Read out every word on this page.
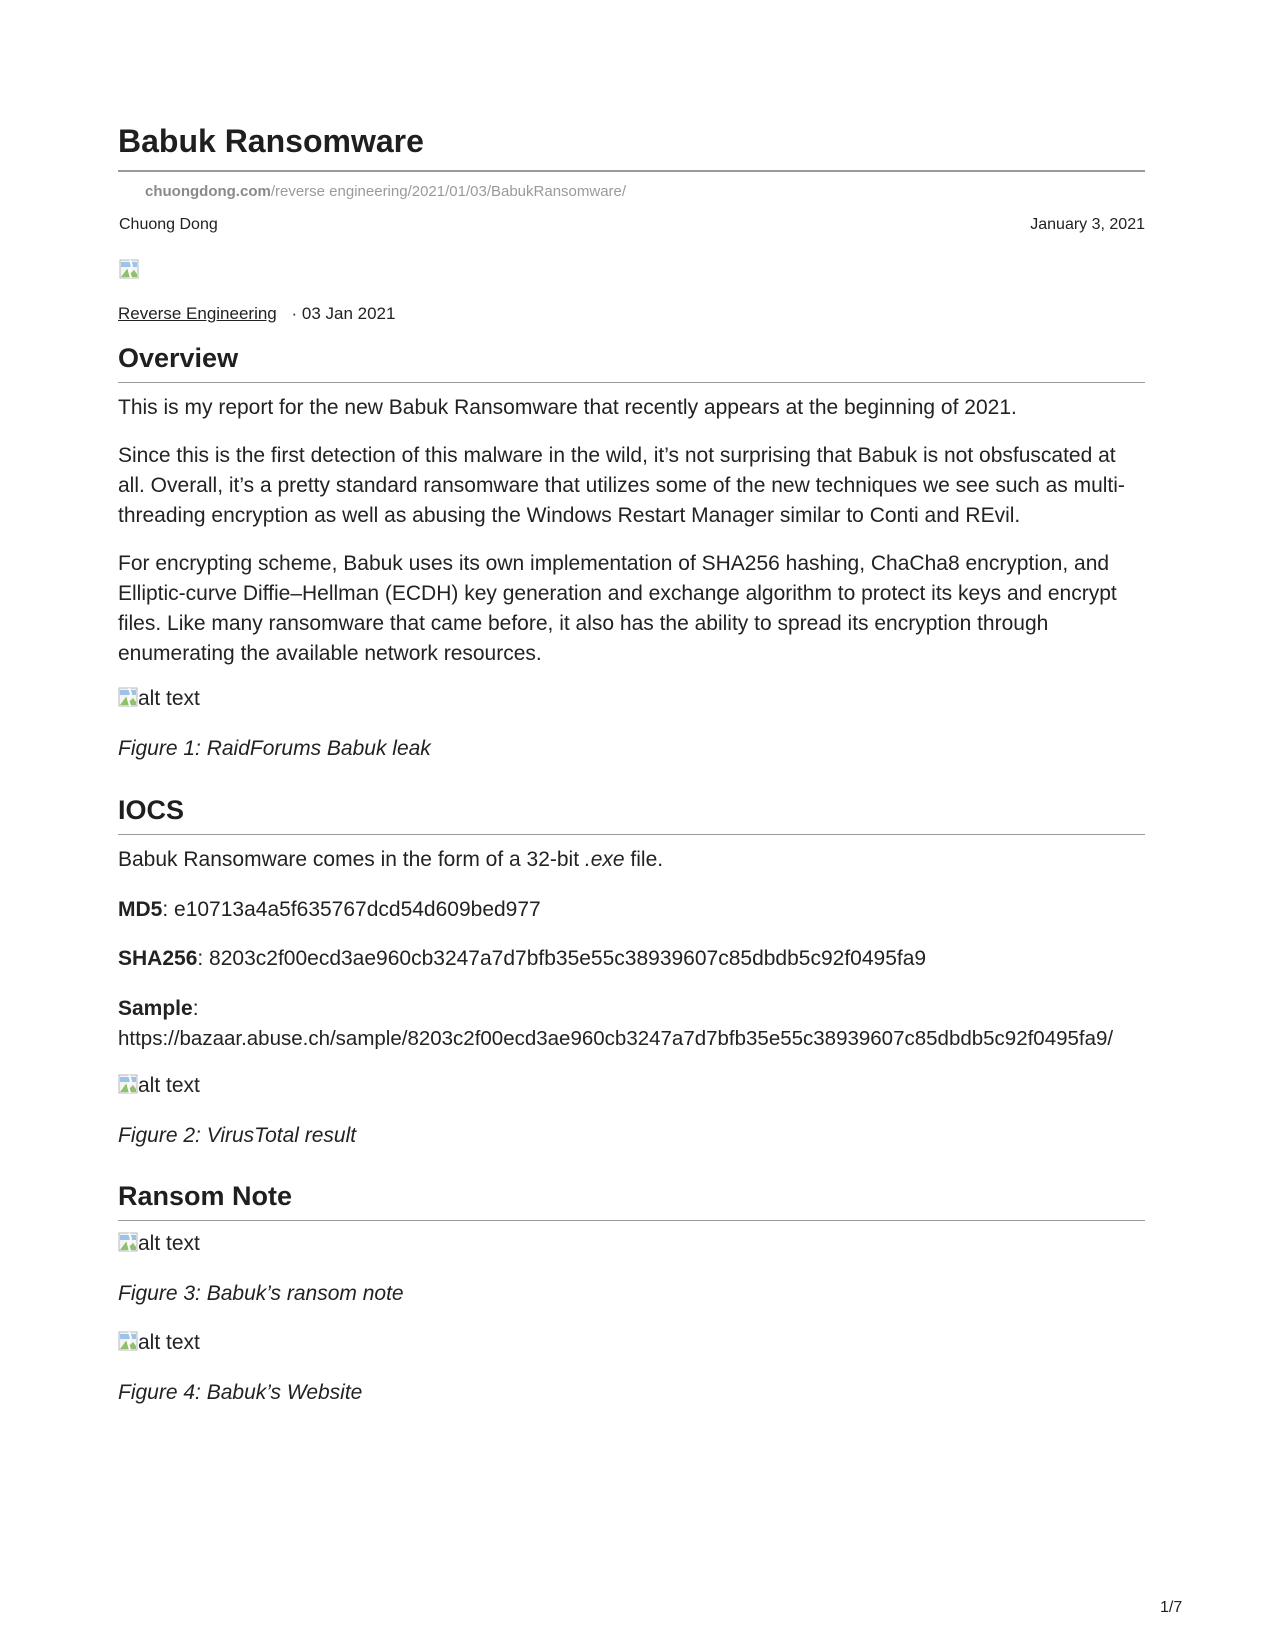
Babuk Ransomware
chuongdong.com/reverse engineering/2021/01/03/BabukRansomware/
Chuong Dong	January 3, 2021
Reverse Engineering · 03 Jan 2021
Overview

This is my report for the new Babuk Ransomware that recently appears at the beginning of 2021.

Since this is the first detection of this malware in the wild, it’s not surprising that Babuk is not obsfuscated at all. Overall, it’s a pretty standard ransomware that utilizes some of the new techniques we see such as multi-threading encryption as well as abusing the Windows Restart Manager similar to Conti and REvil.

For encrypting scheme, Babuk uses its own implementation of SHA256 hashing, ChaCha8 encryption, and Elliptic-curve Diffie–Hellman (ECDH) key generation and exchange algorithm to protect its keys and encrypt files. Like many ransomware that came before, it also has the ability to spread its encryption through enumerating the available network resources.

alt text
Figure 1: RaidForums Babuk leak
IOCS

Babuk Ransomware comes in the form of a 32-bit .exe file.

MD5: e10713a4a5f635767dcd54d609bed977

SHA256: 8203c2f00ecd3ae960cb3247a7d7bfb35e55c38939607c85dbdb5c92f0495fa9

Sample:
https://bazaar.abuse.ch/sample/8203c2f00ecd3ae960cb3247a7d7bfb35e55c38939607c85dbdb5c92f0495fa9/

alt text
Figure 2: VirusTotal result
Ransom Note
alt text
Figure 3: Babuk’s ransom note
alt text
Figure 4: Babuk’s Website
1/7
